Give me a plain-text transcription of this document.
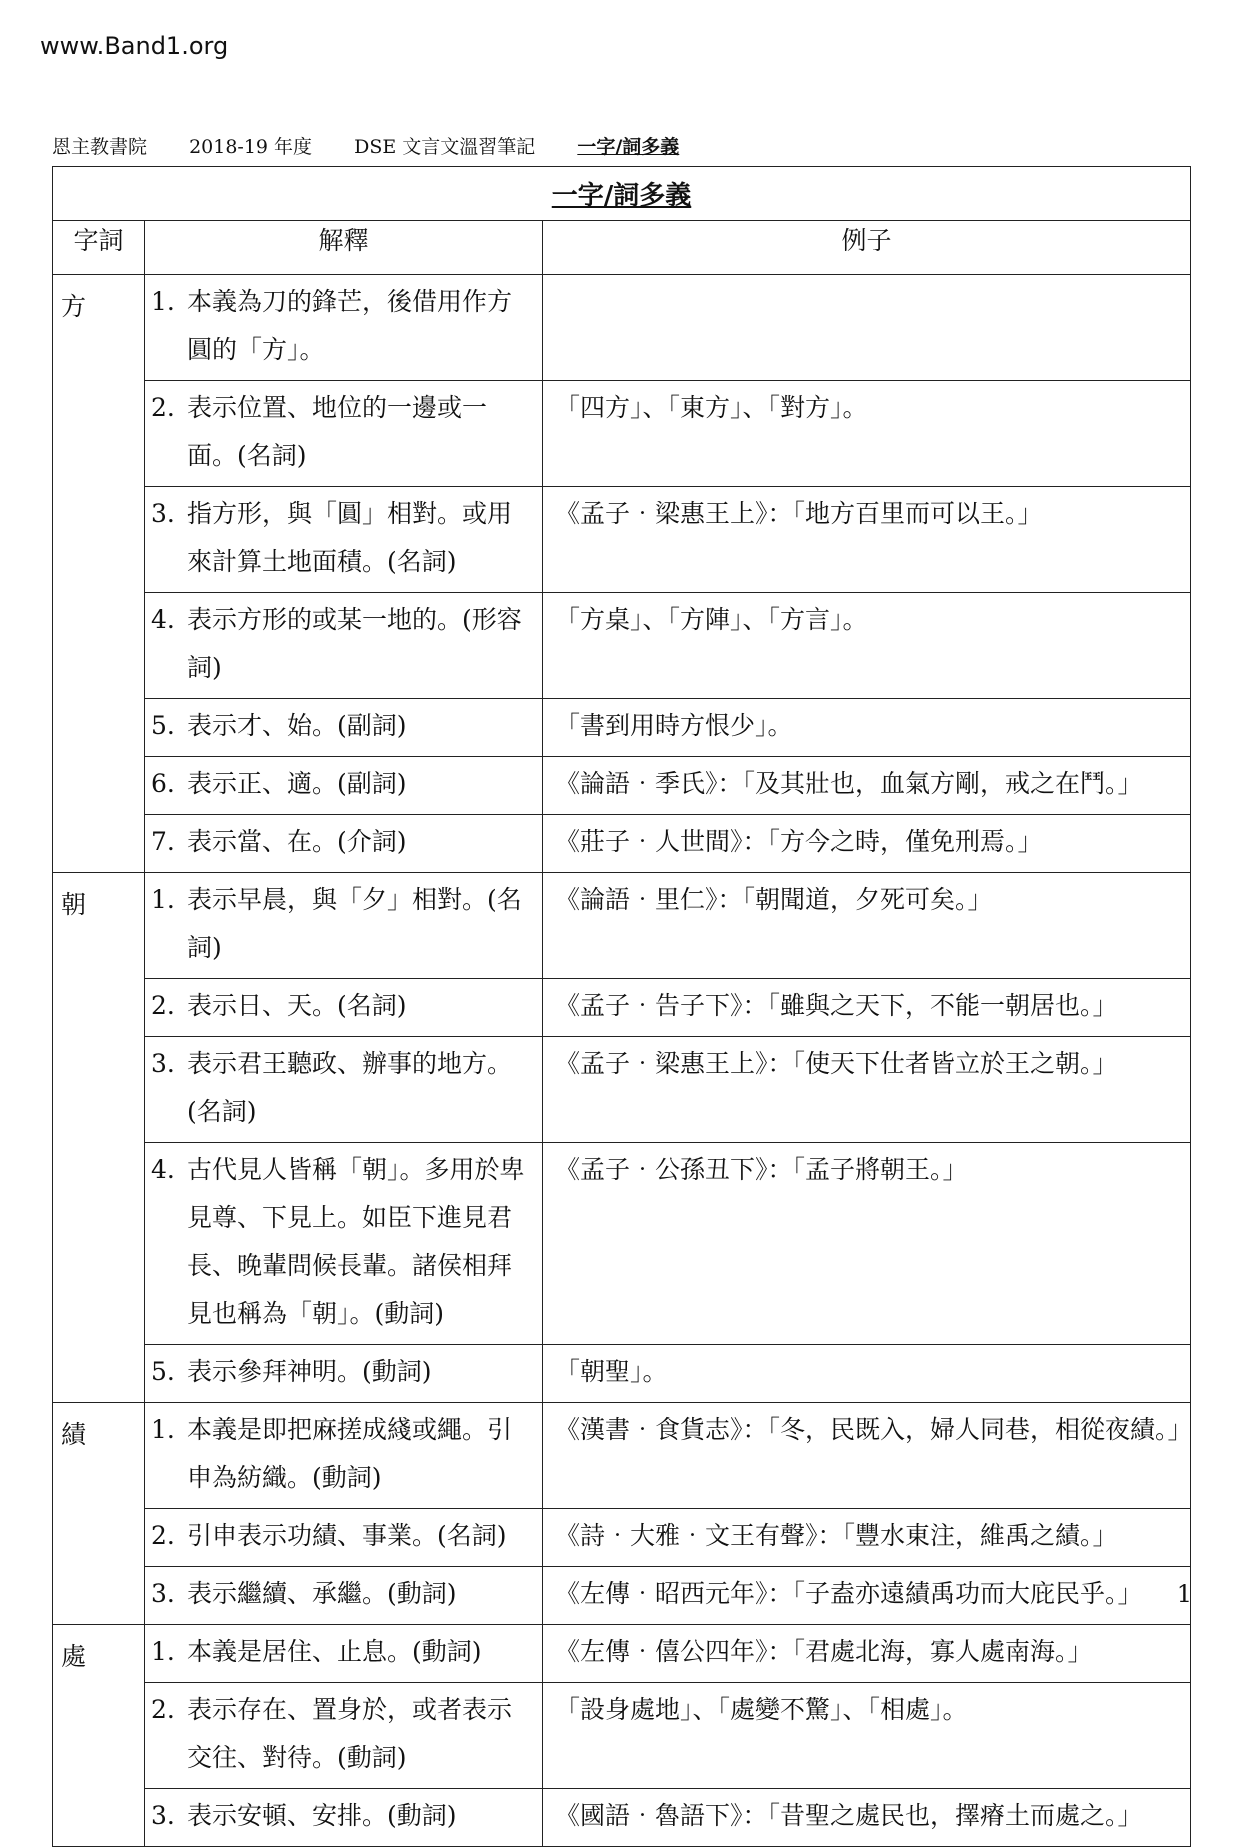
www.Band1.org
恩主教書院 2018-19 年度 DSE 文言文溫習筆記 一字/詞多義
一字/詞多義		
字詞	解釋	例子
方	1. 本義為刀的鋒芒，後借用作方圓的「方」。	

	2. 表示位置、地位的一邊或一面。(名詞)	「四方」、「東方」、「對方」。

	3. 指方形，與「圓」相對。或用來計算土地面積。(名詞)	《孟子‧梁惠王上》：「地方百里而可以王。」

	4. 表示方形的或某一地的。(形容詞)	「方桌」、「方陣」、「方言」。

	5. 表示才、始。(副詞)	「書到用時方恨少」。

	6. 表示正、適。(副詞)	《論語‧季氏》：「及其壯也，血氣方剛，戒之在鬥。」

	7. 表示當、在。(介詞)	《莊子‧人世間》：「方今之時，僅免刑焉。」

朝	1. 表示早晨，與「夕」相對。(名詞)	《論語‧里仁》：「朝聞道，夕死可矣。」

	2. 表示日、天。(名詞)	《孟子‧告子下》：「雖與之天下，不能一朝居也。」

	3. 表示君王聽政、辦事的地方。(名詞)	《孟子‧梁惠王上》：「使天下仕者皆立於王之朝。」

	4. 古代見人皆稱「朝」。多用於卑見尊、下見上。如臣下進見君長、晚輩問候長輩。諸侯相拜見也稱為「朝」。(動詞)	《孟子‧公孫丑下》：「孟子將朝王。」

	5. 表示參拜神明。(動詞)	「朝聖」。

績	1. 本義是即把麻搓成綫或繩。引申為紡織。(動詞)	《漢書‧食貨志》：「冬，民既入，婦人同巷，相從夜績。」

	2. 引申表示功績、事業。(名詞)	《詩‧大雅‧文王有聲》：「豐水東注，維禹之績。」

	3. 表示繼續、承繼。(動詞)	《左傳‧昭西元年》：「子盍亦遠績禹功而大庇民乎。」

處	1. 本義是居住、止息。(動詞)	《左傳‧僖公四年》：「君處北海，寡人處南海。」

	2. 表示存在、置身於，或者表示交往、對待。(動詞)	「設身處地」、「處變不驚」、「相處」。

	3. 表示安頓、安排。(動詞)	《國語‧魯語下》：「昔聖之處民也，擇瘠土而處之。」
1
